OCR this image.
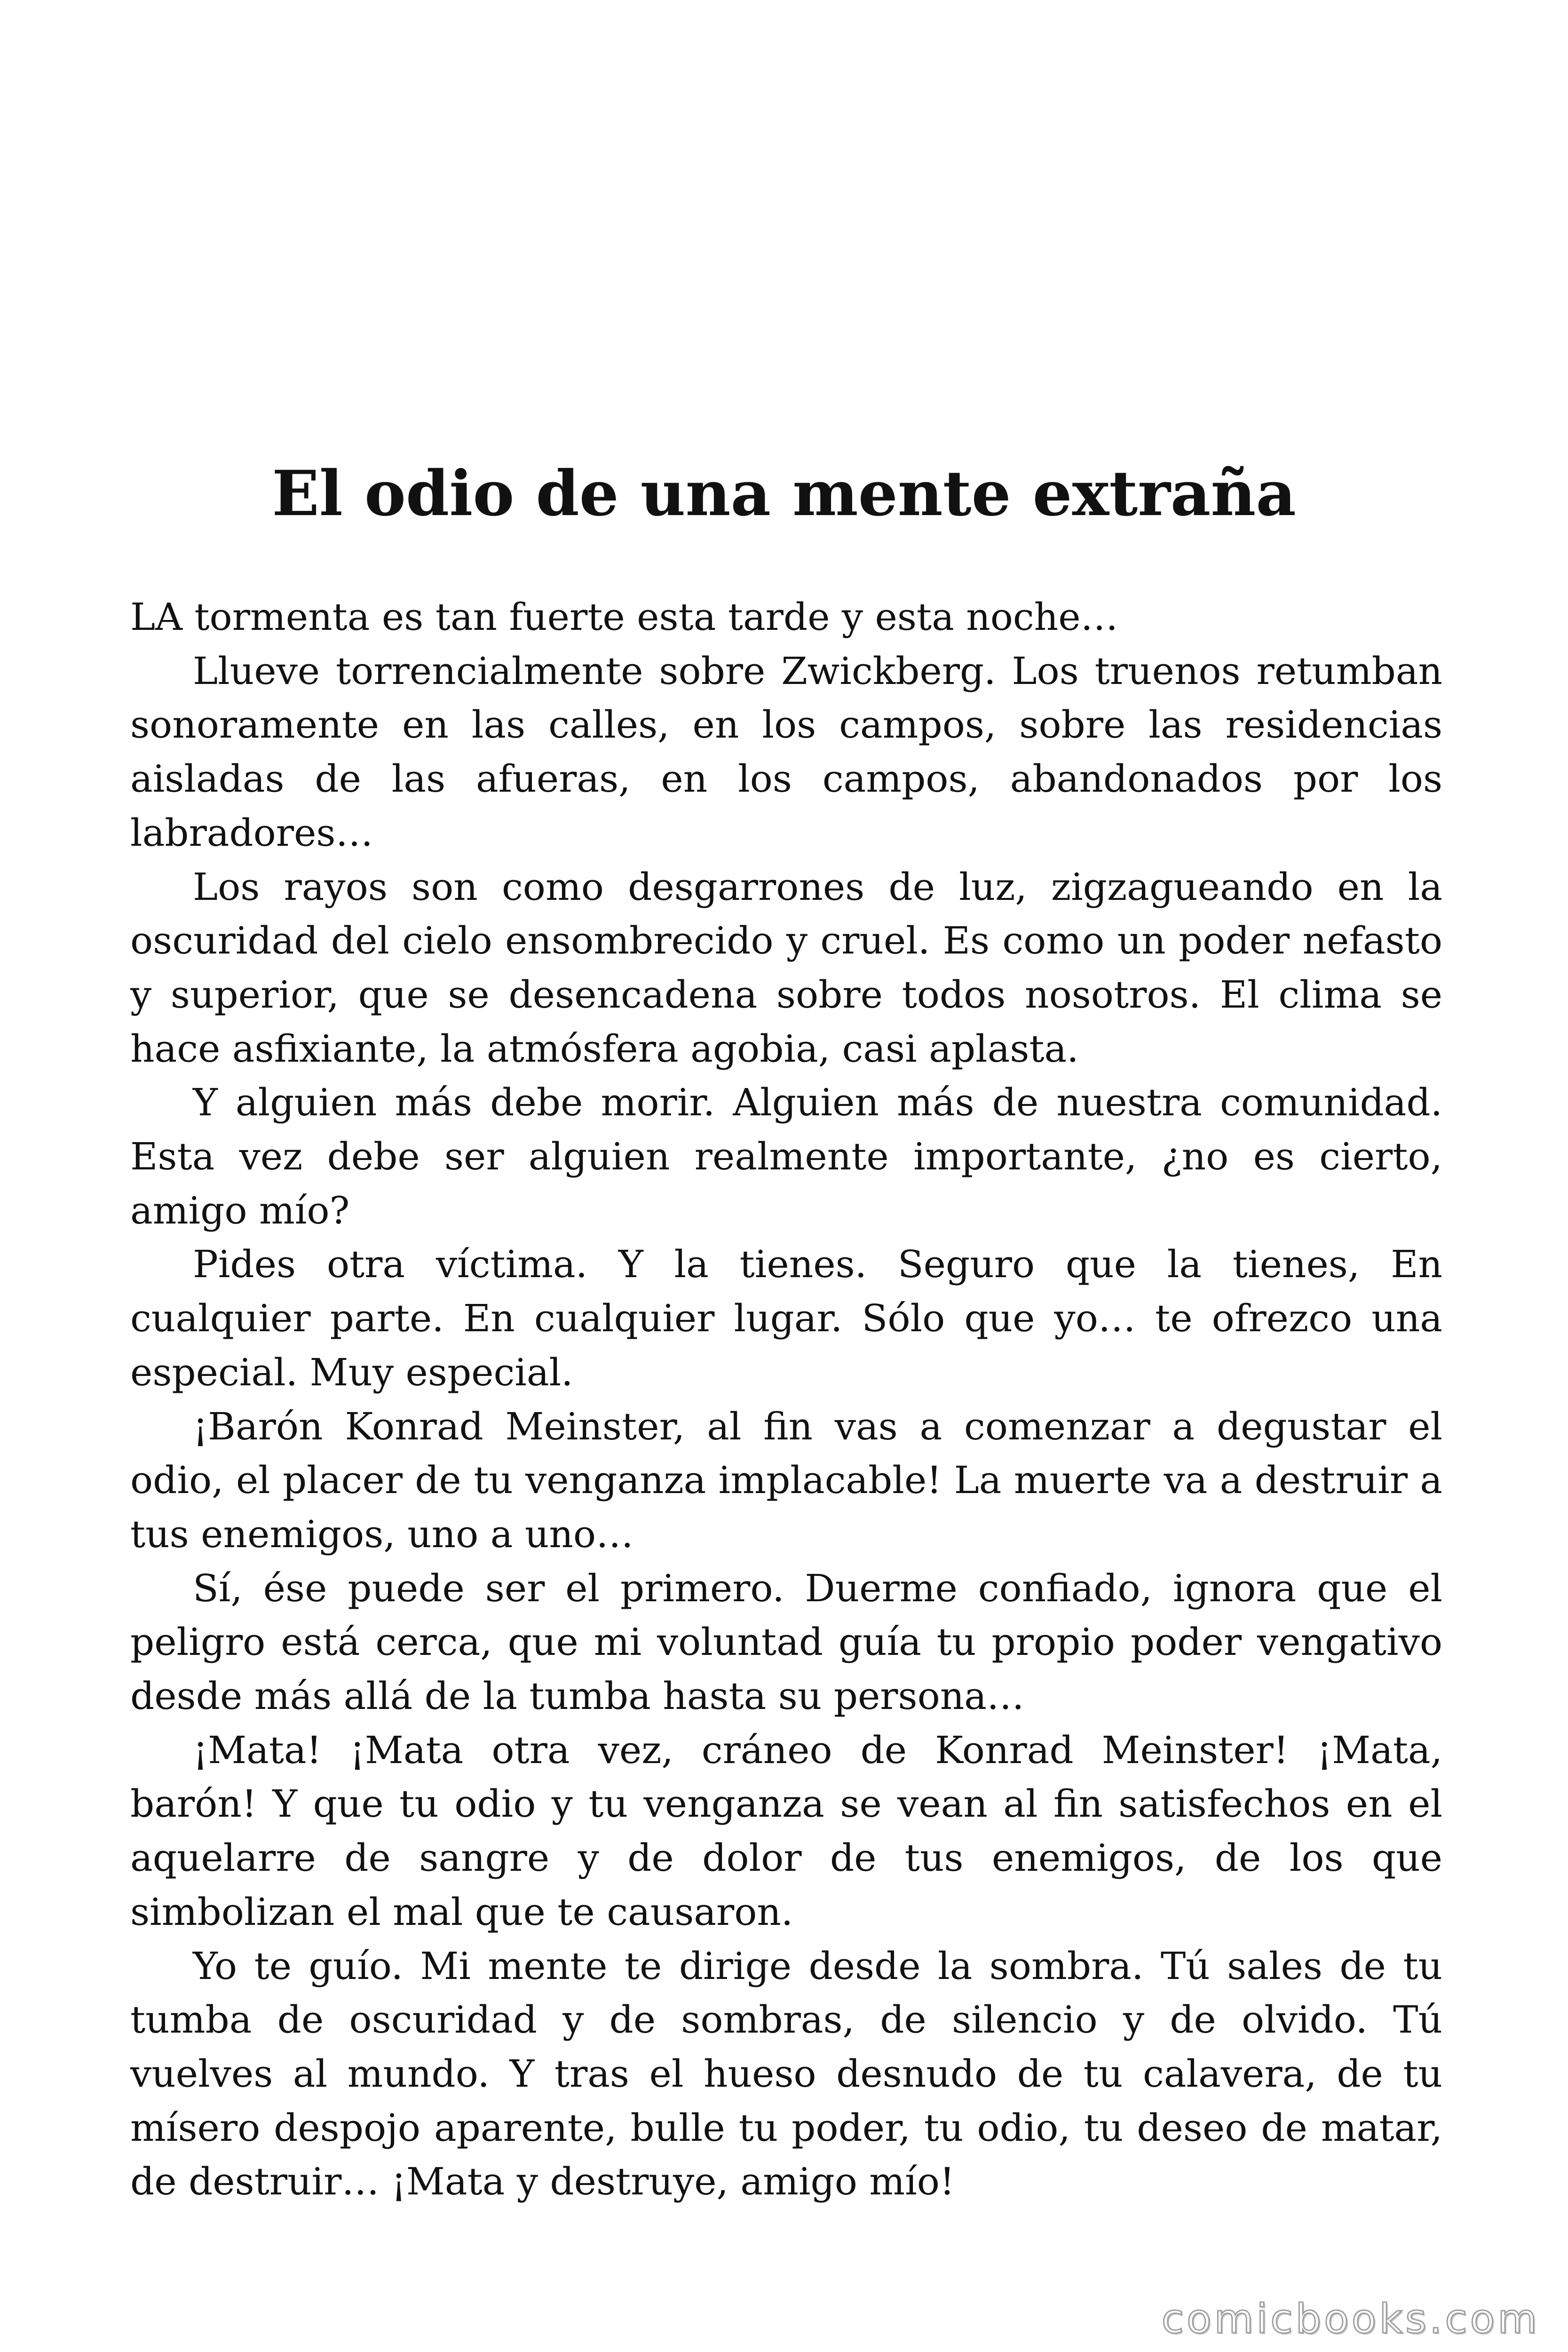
El odio de una mente extraña

LA tormenta es tan fuerte esta tarde y esta noche…

Llueve torrencialmente sobre Zwickberg. Los truenos retumban sonoramente en las calles, en los campos, sobre las residencias aisladas de las afueras, en los campos, abandonados por los labradores…

Los rayos son como desgarrones de luz, zigzagueando en la oscuridad del cielo ensombrecido y cruel. Es como un poder nefasto y superior, que se desencadena sobre todos nosotros. El clima se hace asfixiante, la atmósfera agobia, casi aplasta.

Y alguien más debe morir. Alguien más de nuestra comunidad. Esta vez debe ser alguien realmente importante, ¿no es cierto, amigo mío?

Pides otra víctima. Y la tienes. Seguro que la tienes, En cualquier parte. En cualquier lugar. Sólo que yo… te ofrezco una especial. Muy especial.

¡Barón Konrad Meinster, al fin vas a comenzar a degustar el odio, el placer de tu venganza implacable! La muerte va a destruir a tus enemigos, uno a uno…

Sí, ése puede ser el primero. Duerme confiado, ignora que el peligro está cerca, que mi voluntad guía tu propio poder vengativo desde más allá de la tumba hasta su persona…

¡Mata! ¡Mata otra vez, cráneo de Konrad Meinster! ¡Mata, barón! Y que tu odio y tu venganza se vean al fin satisfechos en el aquelarre de sangre y de dolor de tus enemigos, de los que simbolizan el mal que te causaron.

Yo te guío. Mi mente te dirige desde la sombra. Tú sales de tu tumba de oscuridad y de sombras, de silencio y de olvido. Tú vuelves al mundo. Y tras el hueso desnudo de tu calavera, de tu mísero despojo aparente, bulle tu poder, tu odio, tu deseo de matar, de destruir… ¡Mata y destruye, amigo mío!

comicbooks.com
